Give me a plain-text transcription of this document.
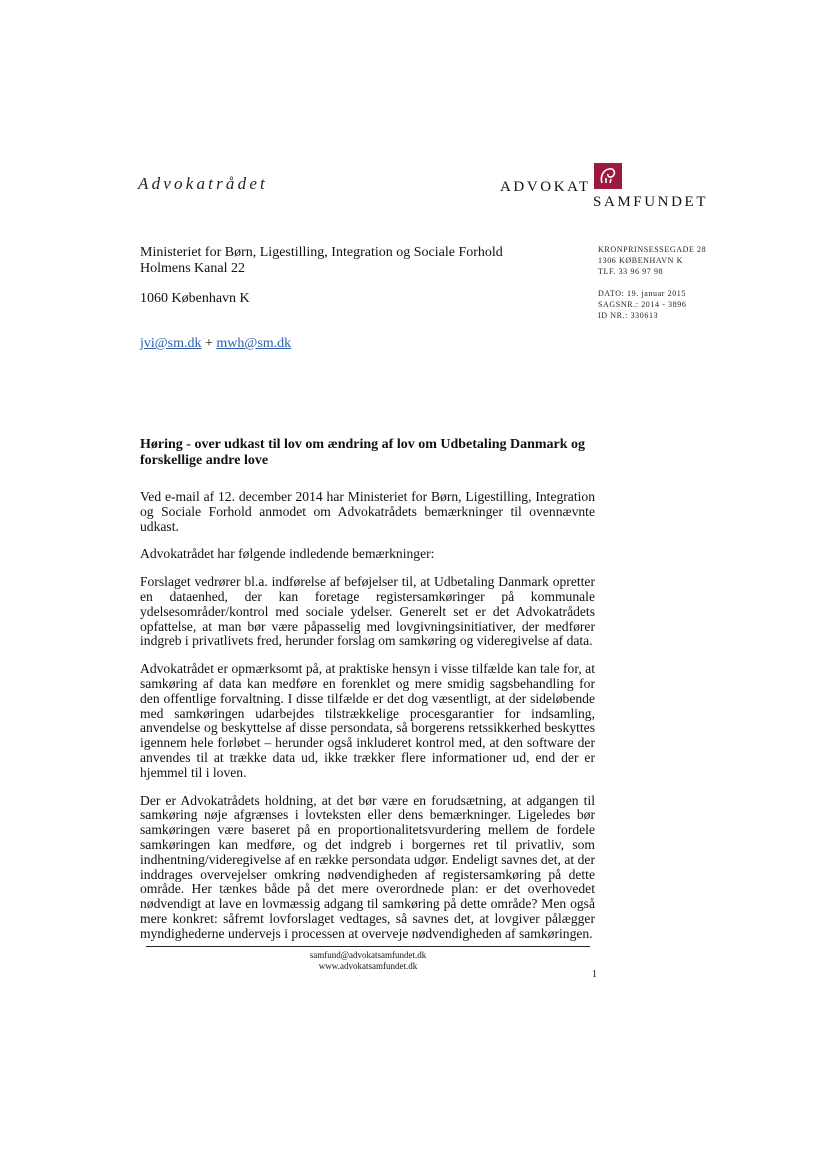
Advokatrådet	ADVOKAT
SAMFUNDET
Ministeriet for Børn, Ligestilling, Integration og Sociale Forhold
Holmens Kanal 22
1060 København K
jvi@sm.dk + mwh@sm.dk
KRONPRINSESSEGADE 28
1306 KØBENHAVN K
TLF. 33 96 97 98
DATO: 19. januar 2015
SAGSNR.: 2014 - 3896
ID NR.: 330613
Høring - over udkast til lov om ændring af lov om Udbetaling Danmark og forskellige andre love

Ved e-mail af 12. december 2014 har Ministeriet for Børn, Ligestilling, Integration og Sociale Forhold anmodet om Advokatrådets bemærkninger til ovennævnte udkast.

Advokatrådet har følgende indledende bemærkninger:

Forslaget vedrører bl.a. indførelse af beføjelser til, at Udbetaling Danmark opretter en dataenhed, der kan foretage registersamkøringer på kommunale ydelsesområder/kontrol med sociale ydelser. Generelt set er det Advokatrådets opfattelse, at man bør være påpasselig med lovgivningsinitiativer, der medfører indgreb i privatlivets fred, herunder forslag om samkøring og videregivelse af data.

Advokatrådet er opmærksomt på, at praktiske hensyn i visse tilfælde kan tale for, at samkøring af data kan medføre en forenklet og mere smidig sagsbehandling for den offentlige forvaltning. I disse tilfælde er det dog væsentligt, at der sideløbende med samkøringen udarbejdes tilstrækkelige procesgarantier for indsamling, anvendelse og beskyttelse af disse persondata, så borgerens retssikkerhed beskyttes igennem hele forløbet – herunder også inkluderet kontrol med, at den software der anvendes til at trække data ud, ikke trækker flere informationer ud, end der er hjemmel til i loven.

Der er Advokatrådets holdning, at det bør være en forudsætning, at adgangen til samkøring nøje afgrænses i lovteksten eller dens bemærkninger. Ligeledes bør samkøringen være baseret på en proportionalitetsvurdering mellem de fordele samkøringen kan medføre, og det indgreb i borgernes ret til privatliv, som indhentning/videregivelse af en række persondata udgør. Endeligt savnes det, at der inddrages overvejelser omkring nødvendigheden af registersamkøring på dette område. Her tænkes både på det mere overordnede plan: er det overhovedet nødvendigt at lave en lovmæssig adgang til samkøring på dette område? Men også mere konkret: såfremt lovforslaget vedtages, så savnes det, at lovgiver pålægger myndighederne undervejs i processen at overveje nødvendigheden af samkøringen.

samfund@advokatsamfundet.dk
www.advokatsamfundet.dk
1
